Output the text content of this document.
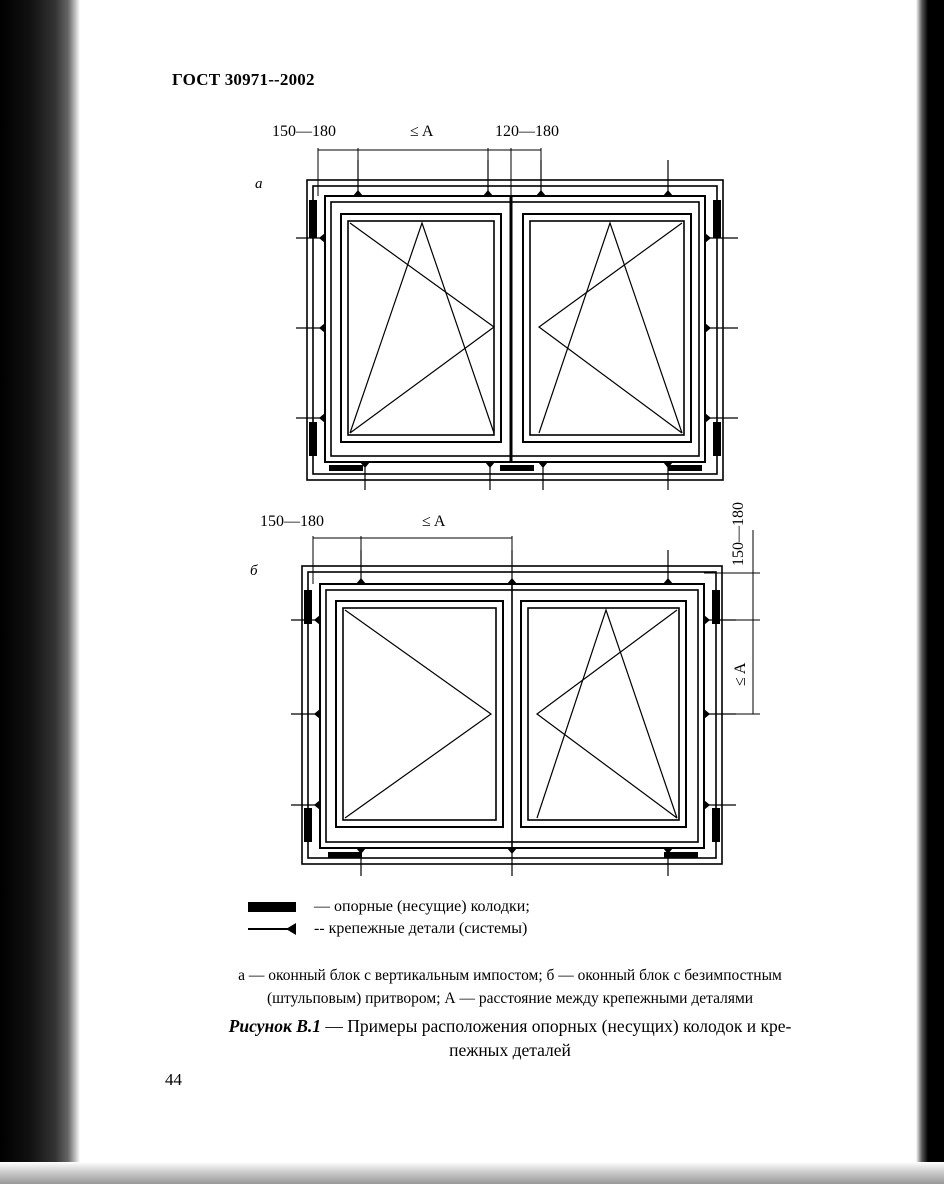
ГОСТ 30971--2002
150—180	≤ A	120—180
а
150—180	≤ A	150—180
≤ A
б
— опорные (несущие) колодки;
-- крепежные детали (системы)
а — оконный блок с вертикальным импостом; б — оконный блок с безимпостным
(штульповым) притвором; А — расстояние между крепежными деталями
Рисунок В.1 — Примеры расположения опорных (несущих) колодок и кре-
пежных деталей
44
